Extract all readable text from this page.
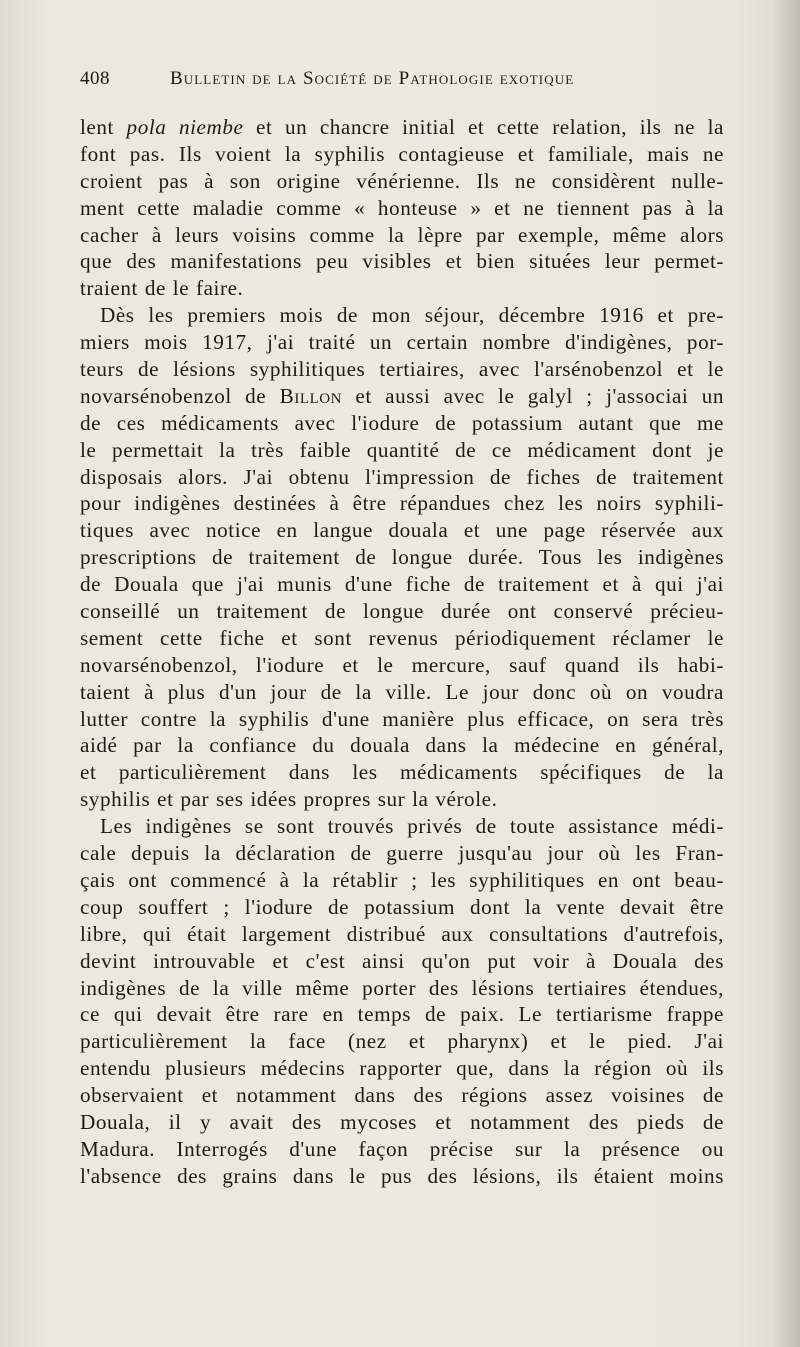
408	Bulletin de la Société de Pathologie exotique
lent pola niembe et un chancre initial et cette relation, ils ne la
font pas. Ils voient la syphilis contagieuse et familiale, mais ne
croient pas à son origine vénérienne. Ils ne considèrent nulle-
ment cette maladie comme « honteuse » et ne tiennent pas à la
cacher à leurs voisins comme la lèpre par exemple, même alors
que des manifestations peu visibles et bien situées leur permet-
traient de le faire.
Dès les premiers mois de mon séjour, décembre 1916 et pre-
miers mois 1917, j'ai traité un certain nombre d'indigènes, por-
teurs de lésions syphilitiques tertiaires, avec l'arsénobenzol et le
novarsénobenzol de Billon et aussi avec le galyl ; j'associai un
de ces médicaments avec l'iodure de potassium autant que me
le permettait la très faible quantité de ce médicament dont je
disposais alors. J'ai obtenu l'impression de fiches de traitement
pour indigènes destinées à être répandues chez les noirs syphili-
tiques avec notice en langue douala et une page réservée aux
prescriptions de traitement de longue durée. Tous les indigènes
de Douala que j'ai munis d'une fiche de traitement et à qui j'ai
conseillé un traitement de longue durée ont conservé précieu-
sement cette fiche et sont revenus périodiquement réclamer le
novarsénobenzol, l'iodure et le mercure, sauf quand ils habi-
taient à plus d'un jour de la ville. Le jour donc où on voudra
lutter contre la syphilis d'une manière plus efficace, on sera très
aidé par la confiance du douala dans la médecine en général,
et particulièrement dans les médicaments spécifiques de la
syphilis et par ses idées propres sur la vérole.
Les indigènes se sont trouvés privés de toute assistance médi-
cale depuis la déclaration de guerre jusqu'au jour où les Fran-
çais ont commencé à la rétablir ; les syphilitiques en ont beau-
coup souffert ; l'iodure de potassium dont la vente devait être
libre, qui était largement distribué aux consultations d'autrefois,
devint introuvable et c'est ainsi qu'on put voir à Douala des
indigènes de la ville même porter des lésions tertiaires étendues,
ce qui devait être rare en temps de paix. Le tertiarisme frappe
particulièrement la face (nez et pharynx) et le pied. J'ai
entendu plusieurs médecins rapporter que, dans la région où ils
observaient et notamment dans des régions assez voisines de
Douala, il y avait des mycoses et notamment des pieds de
Madura. Interrogés d'une façon précise sur la présence ou
l'absence des grains dans le pus des lésions, ils étaient moins
